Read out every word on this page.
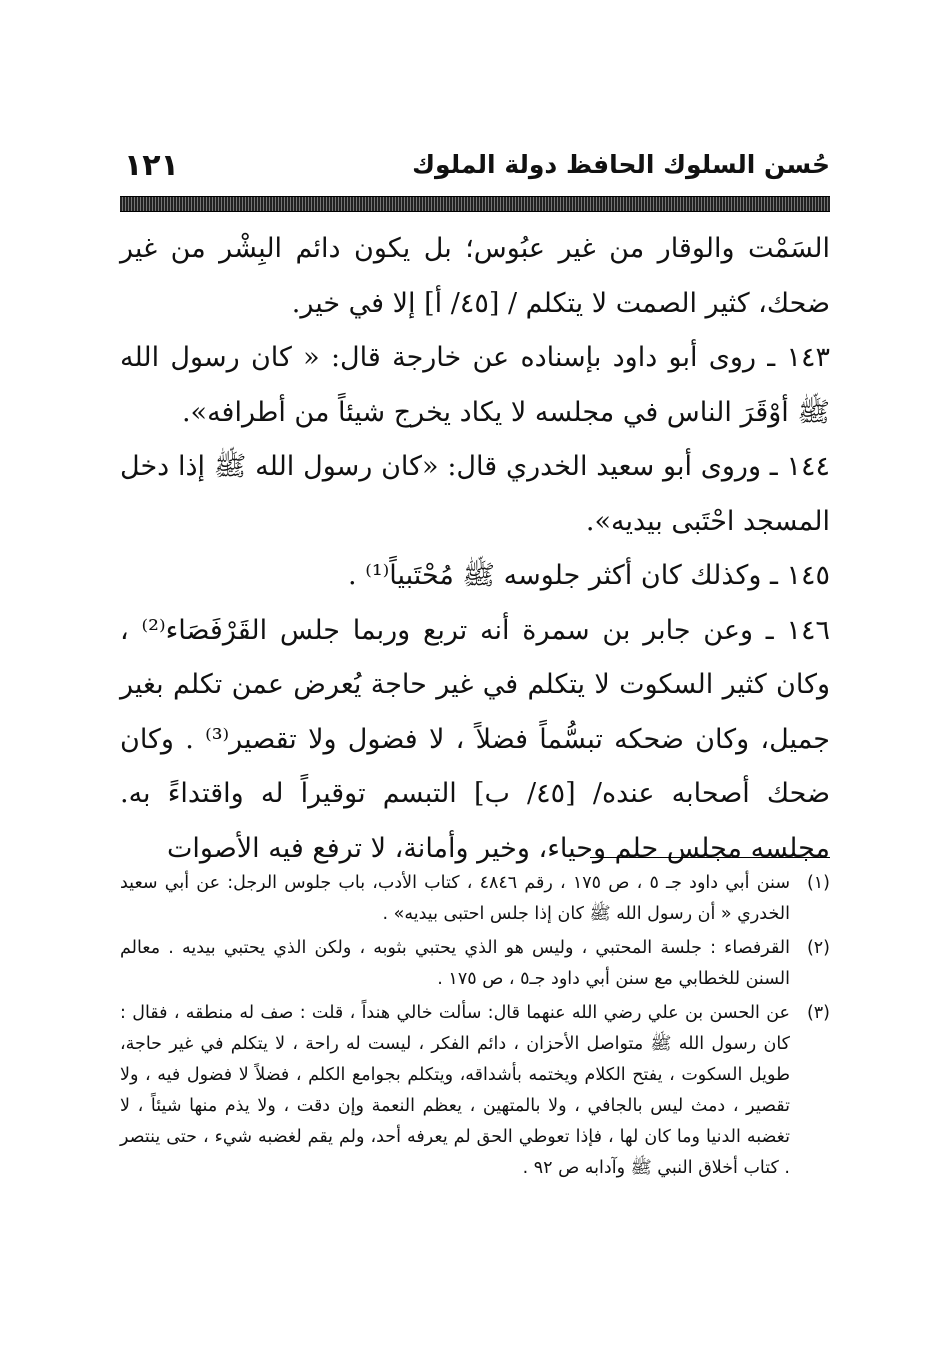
حُسن السلوك الحافظ دولة الملوك
١٢١

السَمْت والوقار من غير عبُوس؛ بل يكون دائم البِشْر من غير ضحك، كثير الصمت لا يتكلم / [٤٥/ أ] إلا في خير.

١٤٣ ـ روى أبو داود بإسناده عن خارجة قال: « كان رسول الله ﷺ أوْقَرَ الناس في مجلسه لا يكاد يخرج شيئاً من أطرافه».

١٤٤ ـ وروى أبو سعيد الخدري قال: «كان رسول الله ﷺ إذا دخل المسجد احْتَبى بيديه».

١٤٥ ـ وكذلك كان أكثر جلوسه ﷺ مُحْتَبياً⁽¹⁾ .

١٤٦ ـ وعن جابر بن سمرة أنه تربع وربما جلس القَرْفَصَاء⁽²⁾ ، وكان كثير السكوت لا يتكلم في غير حاجة يُعرض عمن تكلم بغير جميل، وكان ضحكه تبسُّماً فضلاً ، لا فضول ولا تقصير⁽³⁾ . وكان ضحك أصحابه عنده/ [٤٥/ ب] التبسم توقيراً له واقتداءً به. مجلسه مجلس حلم وحياء، وخير وأمانة، لا ترفع فيه الأصوات

(١)
سنن أبي داود جـ ٥ ، ص ١٧٥ ، رقم ٤٨٤٦ ، كتاب الأدب، باب جلوس الرجل: عن أبي سعيد الخدري « أن رسول الله ﷺ كان إذا جلس احتبى بيديه» .
(٢)
القرفصاء : جلسة المحتبي ، وليس هو الذي يحتبي بثوبه ، ولكن الذي يحتبي بيديه . معالم السنن للخطابي مع سنن أبي داود جـ٥ ، ص ١٧٥ .
(٣)
عن الحسن بن علي رضي الله عنهما قال: سألت خالي هنداً ، قلت : صف له منطقه ، فقال : كان رسول الله ﷺ متواصل الأحزان ، دائم الفكر ، ليست له راحة ، لا يتكلم في غير حاجة، طويل السكوت ، يفتح الكلام ويختمه بأشداقه، ويتكلم بجوامع الكلم ، فضلاً لا فضول فيه ، ولا تقصير ، دمث ليس بالجافي ، ولا بالمتهين ، يعظم النعمة وإن دقت ، ولا يذم منها شيئاً ، لا تغضبه الدنيا وما كان لها ، فإذا تعوطي الحق لم يعرفه أحد، ولم يقم لغضبه شيء ، حتى ينتصر . كتاب أخلاق النبي ﷺ وآدابه ص ٩٢ .
